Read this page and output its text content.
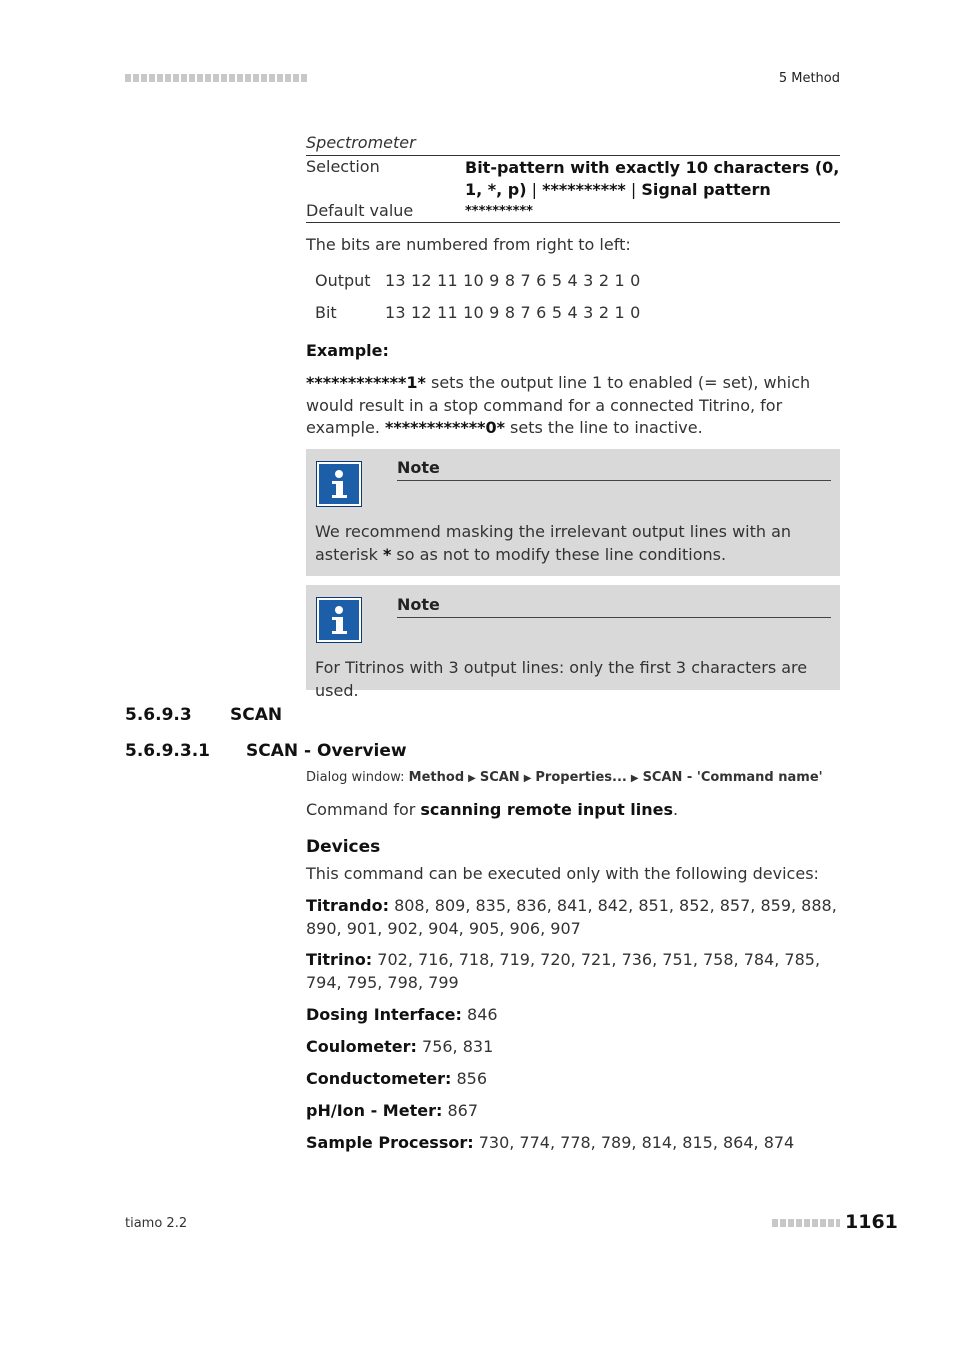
5 Method
Spectrometer
Selection	Bit-pattern with exactly 10 characters (0, 1, *, p) | ********** | Signal pattern
Default value	**********
The bits are numbered from right to left:
Output 13 12 11 10 9 8 7 6 5 4 3 2 1 0
Bit	13 12 11 10 9 8 7 6 5 4 3 2 1 0
Example:
************1* sets the output line 1 to enabled (= set), which would result in a stop command for a connected Titrino, for example. ************0* sets the line to inactive.
Note
We recommend masking the irrelevant output lines with an asterisk * so as not to modify these line conditions.
Note
For Titrinos with 3 output lines: only the first 3 characters are used.
5.6.9.3 SCAN
5.6.9.3.1 SCAN - Overview
Dialog window: Method ▶ SCAN ▶ Properties... ▶ SCAN - 'Command name'
Command for scanning remote input lines.
Devices
This command can be executed only with the following devices:
Titrando: 808, 809, 835, 836, 841, 842, 851, 852, 857, 859, 888, 890, 901, 902, 904, 905, 906, 907
Titrino: 702, 716, 718, 719, 720, 721, 736, 751, 758, 784, 785, 794, 795, 798, 799
Dosing Interface: 846
Coulometer: 756, 831
Conductometer: 856
pH/Ion - Meter: 867
Sample Processor: 730, 774, 778, 789, 814, 815, 864, 874
tiamo 2.2	1161
